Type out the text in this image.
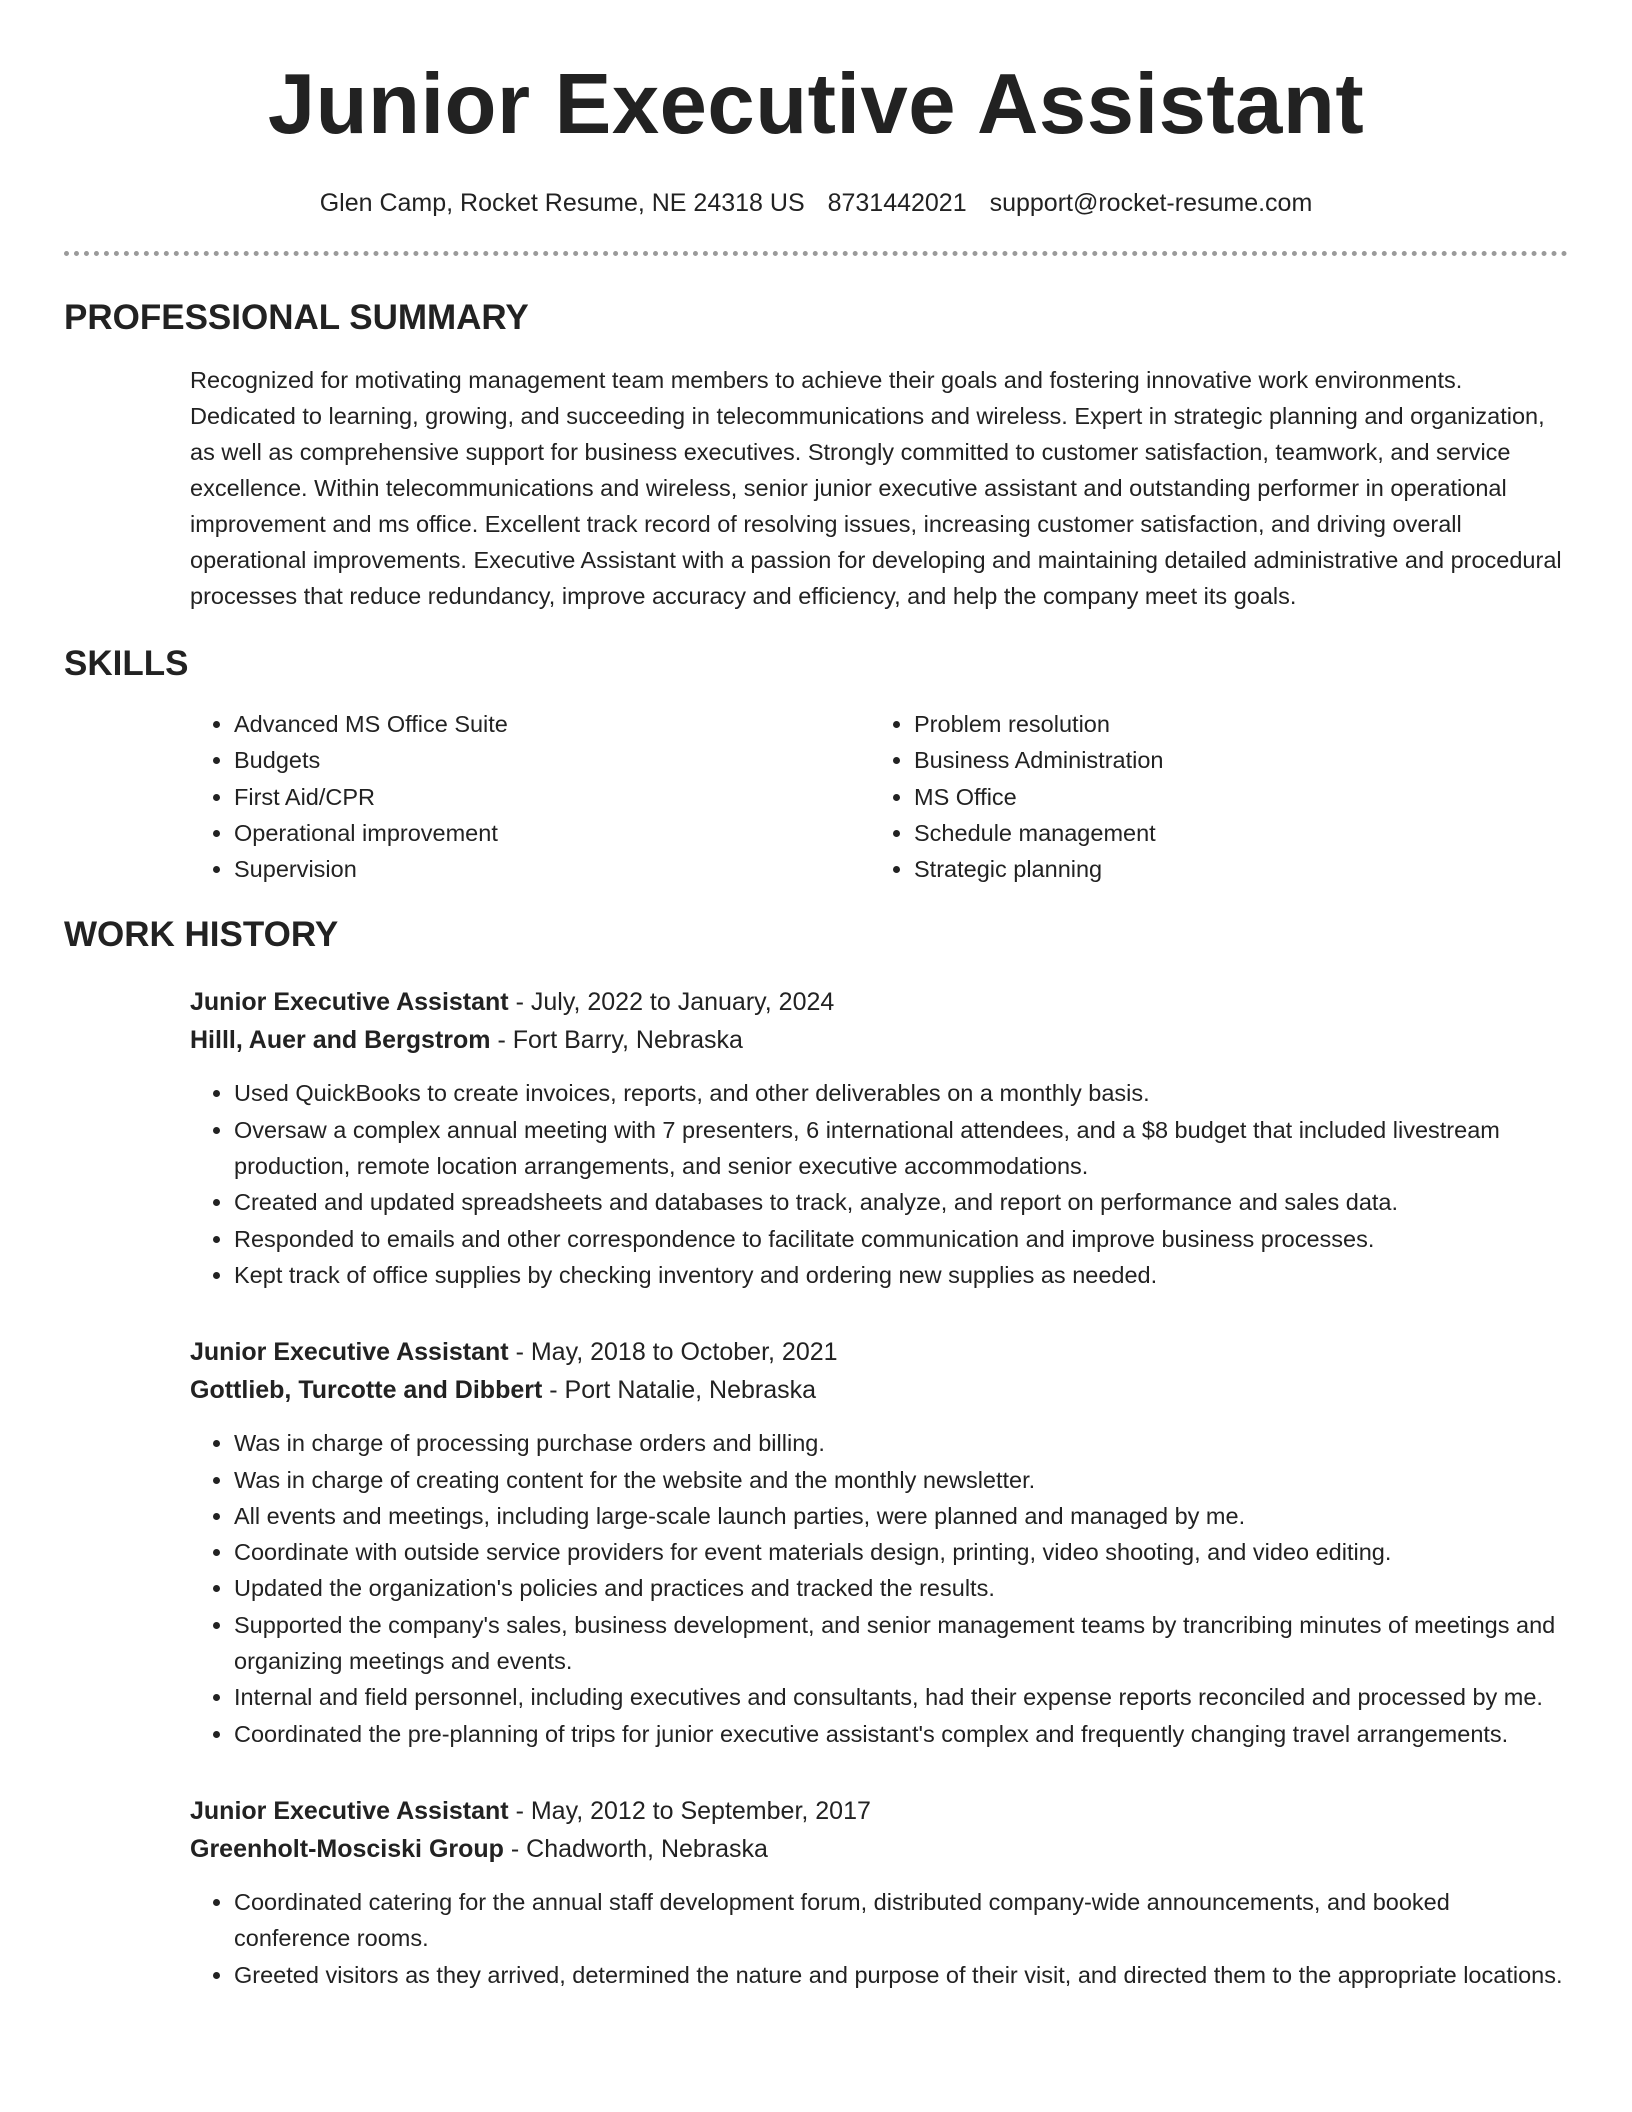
Junior Executive Assistant
Glen Camp, Rocket Resume, NE 24318 US 8731442021 support@rocket-resume.com
PROFESSIONAL SUMMARY

Recognized for motivating management team members to achieve their goals and fostering innovative work environments. Dedicated to learning, growing, and succeeding in telecommunications and wireless. Expert in strategic planning and organization, as well as comprehensive support for business executives. Strongly committed to customer satisfaction, teamwork, and service excellence. Within telecommunications and wireless, senior junior executive assistant and outstanding performer in operational improvement and ms office. Excellent track record of resolving issues, increasing customer satisfaction, and driving overall operational improvements. Executive Assistant with a passion for developing and maintaining detailed administrative and procedural processes that reduce redundancy, improve accuracy and efficiency, and help the company meet its goals.

SKILLS
• Advanced MS Office Suite
• Budgets
• First Aid/CPR
• Operational improvement
• Supervision
• Problem resolution
• Business Administration
• MS Office
• Schedule management
• Strategic planning
WORK HISTORY
Junior Executive Assistant - July, 2022 to January, 2024
Hilll, Auer and Bergstrom - Fort Barry, Nebraska
• Used QuickBooks to create invoices, reports, and other deliverables on a monthly basis.
• Oversaw a complex annual meeting with 7 presenters, 6 international attendees, and a $8 budget that included livestream production, remote location arrangements, and senior executive accommodations.
• Created and updated spreadsheets and databases to track, analyze, and report on performance and sales data.
• Responded to emails and other correspondence to facilitate communication and improve business processes.
• Kept track of office supplies by checking inventory and ordering new supplies as needed.
Junior Executive Assistant - May, 2018 to October, 2021
Gottlieb, Turcotte and Dibbert - Port Natalie, Nebraska
• Was in charge of processing purchase orders and billing.
• Was in charge of creating content for the website and the monthly newsletter.
• All events and meetings, including large-scale launch parties, were planned and managed by me.
• Coordinate with outside service providers for event materials design, printing, video shooting, and video editing.
• Updated the organization's policies and practices and tracked the results.
• Supported the company's sales, business development, and senior management teams by trancribing minutes of meetings and organizing meetings and events.
• Internal and field personnel, including executives and consultants, had their expense reports reconciled and processed by me.
• Coordinated the pre-planning of trips for junior executive assistant's complex and frequently changing travel arrangements.
Junior Executive Assistant - May, 2012 to September, 2017
Greenholt-Mosciski Group - Chadworth, Nebraska
• Coordinated catering for the annual staff development forum, distributed company-wide announcements, and booked conference rooms.
• Greeted visitors as they arrived, determined the nature and purpose of their visit, and directed them to the appropriate locations.
